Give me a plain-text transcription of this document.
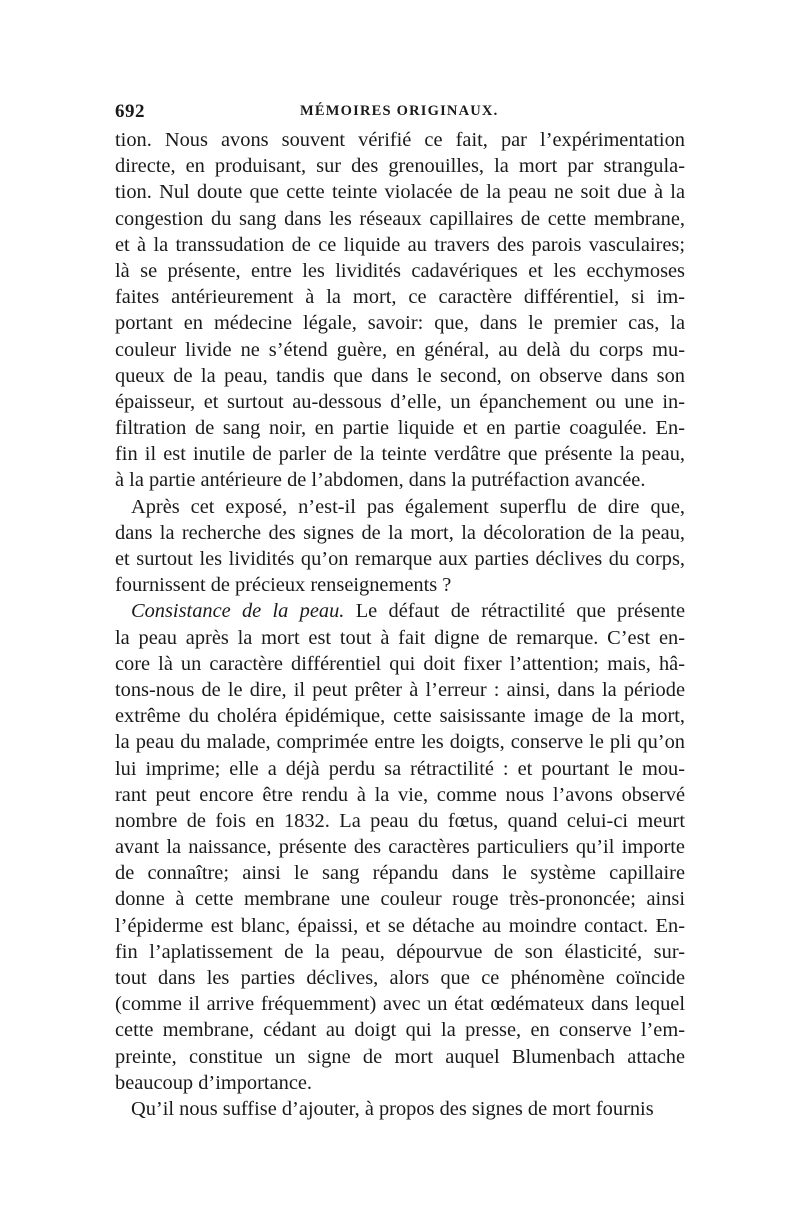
692	MÉMOIRES ORIGINAUX.
tion. Nous avons souvent vérifié ce fait, par l’expérimentation
directe, en produisant, sur des grenouilles, la mort par strangula-
tion. Nul doute que cette teinte violacée de la peau ne soit due à la
congestion du sang dans les réseaux capillaires de cette membrane,
et à la transsudation de ce liquide au travers des parois vasculaires;
là se présente, entre les lividités cadavériques et les ecchymoses
faites antérieurement à la mort, ce caractère différentiel, si im-
portant en médecine légale, savoir: que, dans le premier cas, la
couleur livide ne s’étend guère, en général, au delà du corps mu-
queux de la peau, tandis que dans le second, on observe dans son
épaisseur, et surtout au-dessous d’elle, un épanchement ou une in-
filtration de sang noir, en partie liquide et en partie coagulée. En-
fin il est inutile de parler de la teinte verdâtre que présente la peau,
à la partie antérieure de l’abdomen, dans la putréfaction avancée.
Après cet exposé, n’est-il pas également superflu de dire que,
dans la recherche des signes de la mort, la décoloration de la peau,
et surtout les lividités qu’on remarque aux parties déclives du corps,
fournissent de précieux renseignements ?
Consistance de la peau. Le défaut de rétractilité que présente
la peau après la mort est tout à fait digne de remarque. C’est en-
core là un caractère différentiel qui doit fixer l’attention; mais, hâ-
tons-nous de le dire, il peut prêter à l’erreur : ainsi, dans la période
extrême du choléra épidémique, cette saisissante image de la mort,
la peau du malade, comprimée entre les doigts, conserve le pli qu’on
lui imprime; elle a déjà perdu sa rétractilité : et pourtant le mou-
rant peut encore être rendu à la vie, comme nous l’avons observé
nombre de fois en 1832. La peau du fœtus, quand celui-ci meurt
avant la naissance, présente des caractères particuliers qu’il importe
de connaître; ainsi le sang répandu dans le système capillaire
donne à cette membrane une couleur rouge très-prononcée; ainsi
l’épiderme est blanc, épaissi, et se détache au moindre contact. En-
fin l’aplatissement de la peau, dépourvue de son élasticité, sur-
tout dans les parties déclives, alors que ce phénomène coïncide
(comme il arrive fréquemment) avec un état œdémateux dans lequel
cette membrane, cédant au doigt qui la presse, en conserve l’em-
preinte, constitue un signe de mort auquel Blumenbach attache
beaucoup d’importance.
Qu’il nous suffise d’ajouter, à propos des signes de mort fournis
